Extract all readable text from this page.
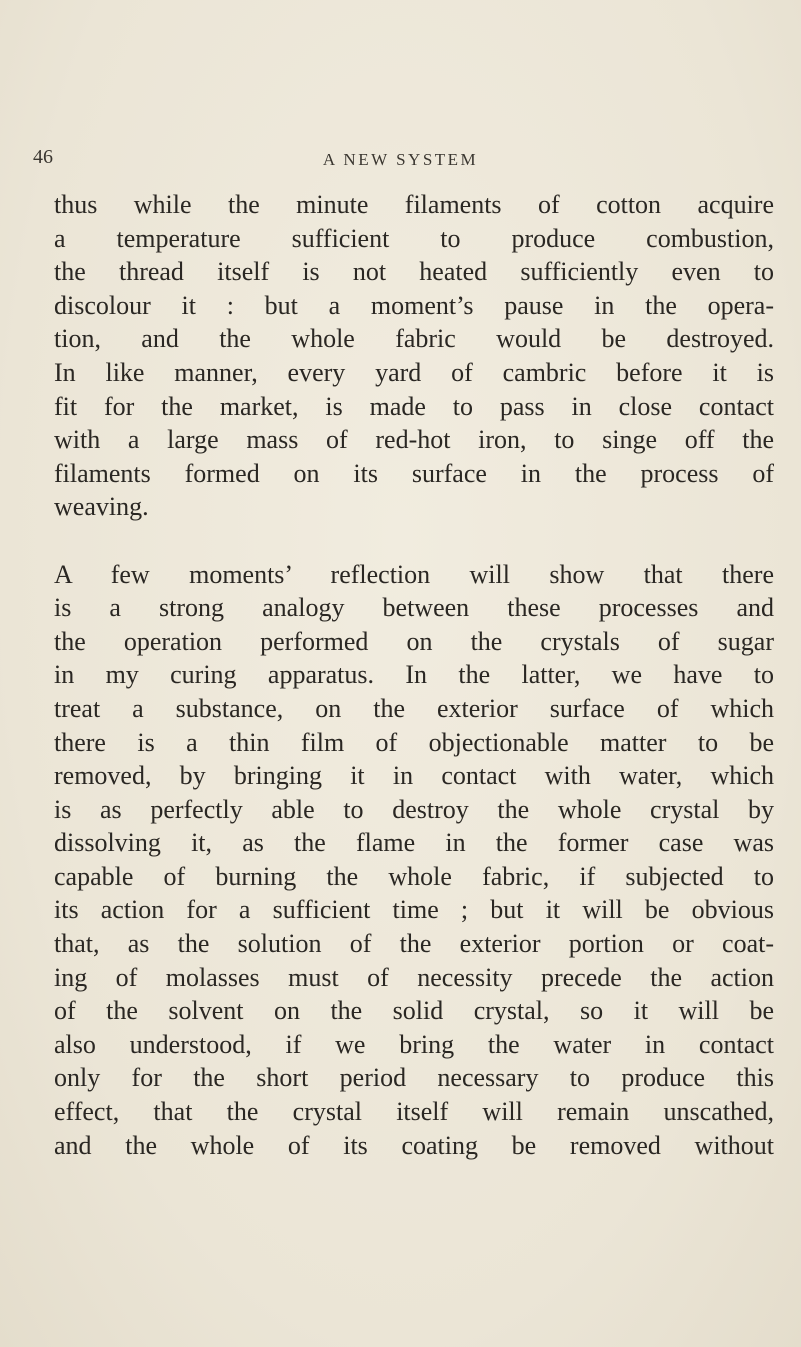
46	A NEW SYSTEM
thus while the minute filaments of cotton acquire
a temperature sufficient to produce combustion,
the thread itself is not heated sufficiently even to
discolour it : but a moment’s pause in the opera-
tion, and the whole fabric would be destroyed.
In like manner, every yard of cambric before it is
fit for the market, is made to pass in close contact
with a large mass of red-hot iron, to singe off the
filaments formed on its surface in the process of
weaving.
A few moments’ reflection will show that there
is a strong analogy between these processes and
the operation performed on the crystals of sugar
in my curing apparatus. In the latter, we have to
treat a substance, on the exterior surface of which
there is a thin film of objectionable matter to be
removed, by bringing it in contact with water, which
is as perfectly able to destroy the whole crystal by
dissolving it, as the flame in the former case was
capable of burning the whole fabric, if subjected to
its action for a sufficient time ; but it will be obvious
that, as the solution of the exterior portion or coat-
ing of molasses must of necessity precede the action
of the solvent on the solid crystal, so it will be
also understood, if we bring the water in contact
only for the short period necessary to produce this
effect, that the crystal itself will remain unscathed,
and the whole of its coating be removed without
